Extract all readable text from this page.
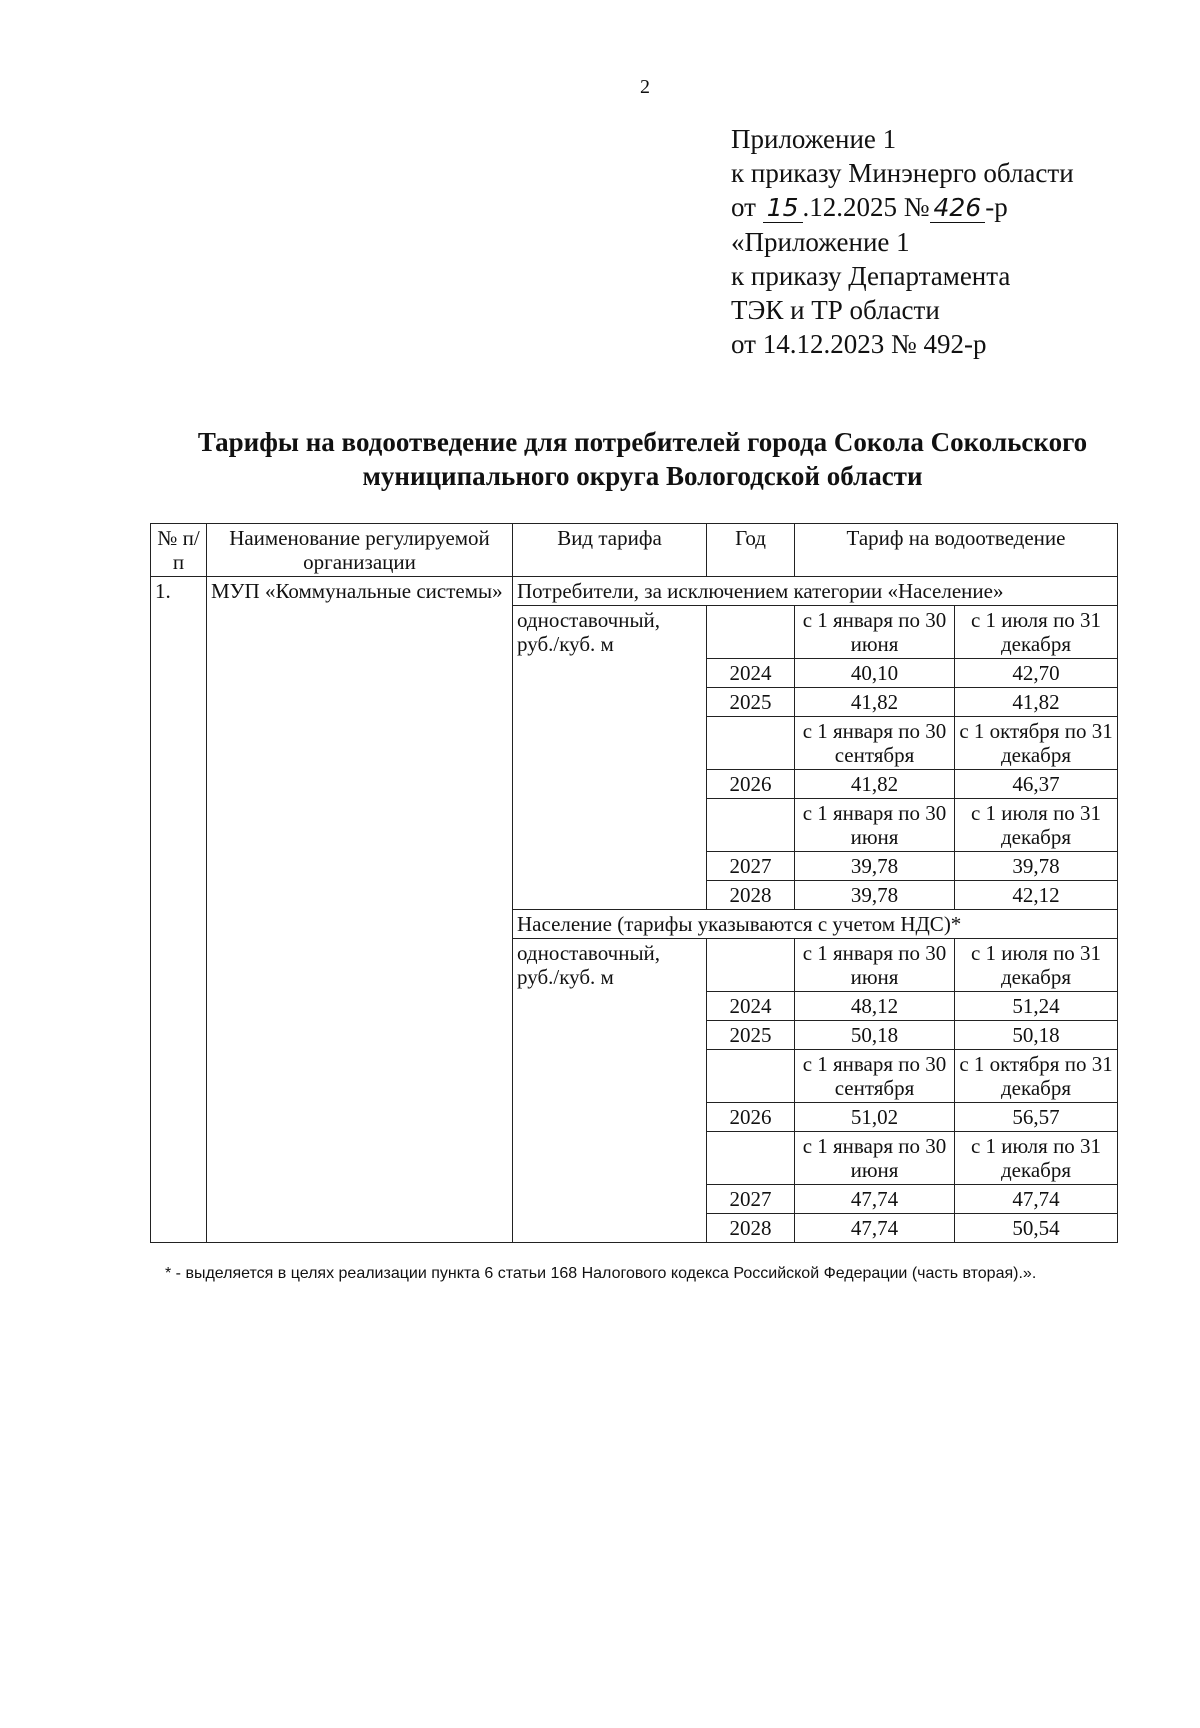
2
Приложение 1
к приказу Минэнерго области
от 15 .12.2025 № 426 -р
«Приложение 1
к приказу Департамента
ТЭК и ТР области
от 14.12.2023 № 492-р
Тарифы на водоотведение для потребителей города Сокола Сокольского
муниципального округа Вологодской области
№ п/п	Наименование регулируемой организации	Вид тарифа	Год	Тариф на водоотведение	
1.	МУП «Коммунальные системы»	Потребители, за исключением категории «Население»			
		одноставочный, руб./куб. м		с 1 января по 30 июня	с 1 июля по 31 декабря
			2024	40,10	42,70
			2025	41,82	41,82
				с 1 января по 30 сентября	с 1 октября по 31 декабря
			2026	41,82	46,37
				с 1 января по 30 июня	с 1 июля по 31 декабря
			2027	39,78	39,78
			2028	39,78	42,12
		Население (тарифы указываются с учетом НДС)*			
		одноставочный, руб./куб. м		с 1 января по 30 июня	с 1 июля по 31 декабря
			2024	48,12	51,24
			2025	50,18	50,18
				с 1 января по 30 сентября	с 1 октября по 31 декабря
			2026	51,02	56,57
				с 1 января по 30 июня	с 1 июля по 31 декабря
			2027	47,74	47,74
			2028	47,74	50,54
* - выделяется в целях реализации пункта 6 статьи 168 Налогового кодекса Российской Федерации (часть вторая).».
